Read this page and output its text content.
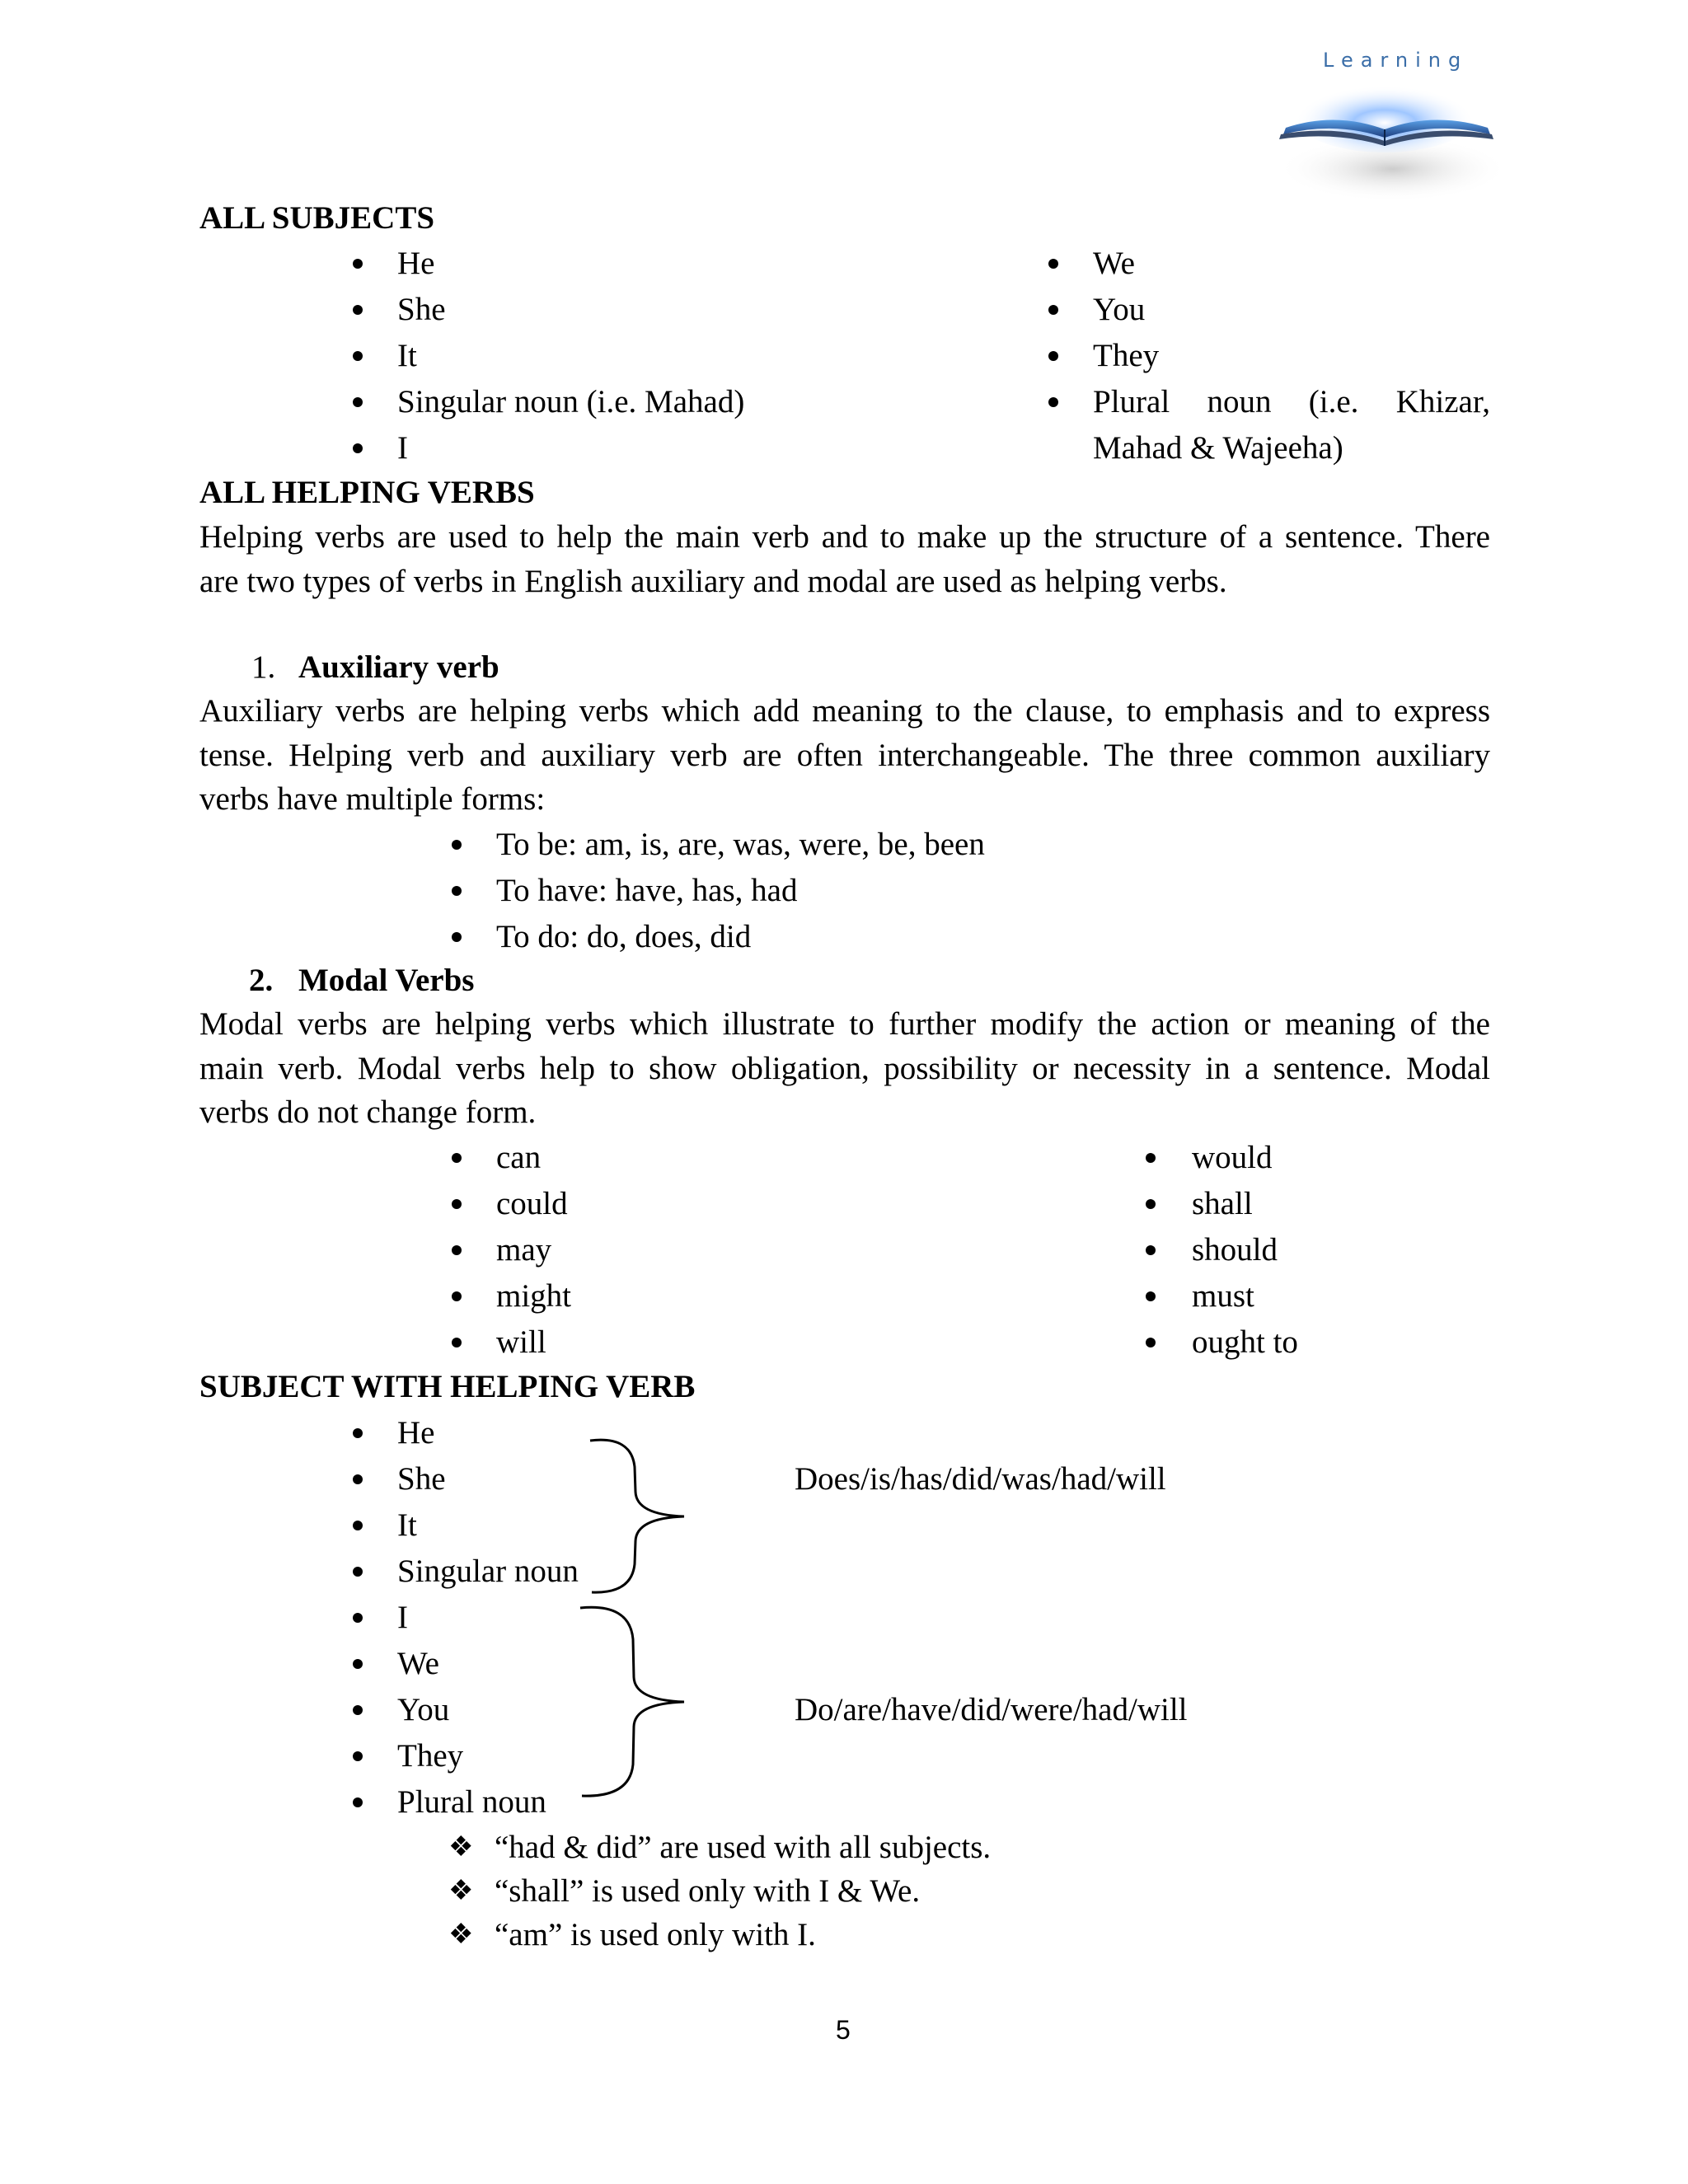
Learning
ALL SUBJECTS
He
She
It
Singular noun (i.e. Mahad)
I
We
You
They
Plural noun (i.e. Khizar,
Mahad & Wajeeha)
ALL HELPING VERBS
Helping verbs are used to help the main verb and to make up the structure of a sentence. There
are two types of verbs in English auxiliary and modal are used as helping verbs.
1. Auxiliary verb
Auxiliary verbs are helping verbs which add meaning to the clause, to emphasis and to express
tense. Helping verb and auxiliary verb are often interchangeable. The three common auxiliary
verbs have multiple forms:
To be: am, is, are, was, were, be, been
To have: have, has, had
To do: do, does, did
2. Modal Verbs
Modal verbs are helping verbs which illustrate to further modify the action or meaning of the
main verb. Modal verbs help to show obligation, possibility or necessity in a sentence. Modal
verbs do not change form.
can
could
may
might
will
would
shall
should
must
ought to
SUBJECT WITH HELPING VERB
He
She
It
Singular noun
Does/is/has/did/was/had/will
I
We
You
They
Plural noun
Do/are/have/did/were/had/will
❖ “had & did” are used with all subjects.
❖ “shall” is used only with I & We.
❖ “am” is used only with I.
5
